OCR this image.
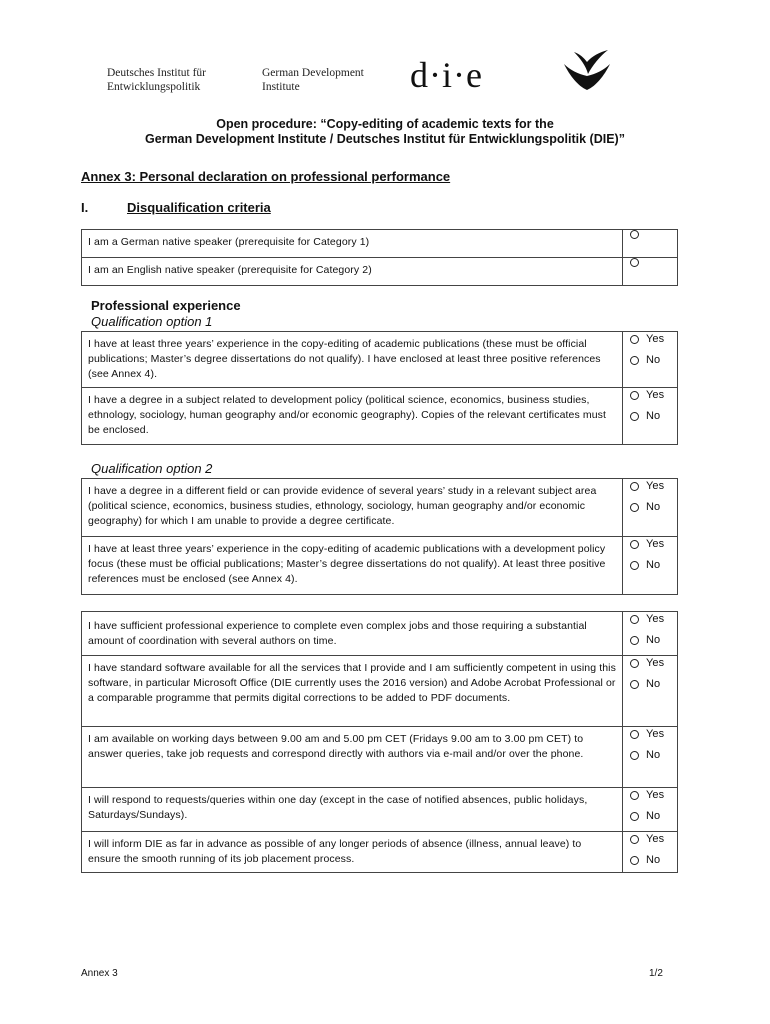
Deutsches Institut für
Entwicklungspolitik
German Development
Institute	d·i·e
Open procedure: “Copy-editing of academic texts for the
German Development Institute / Deutsches Institut für Entwicklungspolitik (DIE)”
Annex 3: Personal declaration on professional performance
I.	Disqualification criteria
I am a German native speaker (prerequisite for Category 1)	

I am an English native speaker (prerequisite for Category 2)	
Professional experience
Qualification option 1
I have at least three years’ experience in the copy-editing of academic publications (these must be official publications; Master’s degree dissertations do not qualify). I have enclosed at least three positive references (see Annex 4).	Yes
No

I have a degree in a subject related to development policy (political science, economics, business studies, ethnology, sociology, human geography and/or economic geography). Copies of the relevant certificates must be enclosed.	Yes
No
Qualification option 2
I have a degree in a different field or can provide evidence of several years’ study in a relevant subject area (political science, economics, business studies, ethnology, sociology, human geography and/or economic geography) for which I am unable to provide a degree certificate.	Yes
No

I have at least three years’ experience in the copy-editing of academic publications with a development policy focus (these must be official publications; Master’s degree dissertations do not qualify). At least three positive references must be enclosed (see Annex 4).	Yes
No
I have sufficient professional experience to complete even complex jobs and those requiring a substantial amount of coordination with several authors on time.	Yes
No

I have standard software available for all the services that I provide and I am sufficiently competent in using this software, in particular Microsoft Office (DIE currently uses the 2016 version) and Adobe Acrobat Professional or a comparable programme that permits digital corrections to be added to PDF documents.	Yes
No

I am available on working days between 9.00 am and 5.00 pm CET (Fridays 9.00 am to 3.00 pm CET) to answer queries, take job requests and correspond directly with authors via e-mail and/or over the phone.	Yes
No

I will respond to requests/queries within one day (except in the case of notified absences, public holidays, Saturdays/Sundays).	Yes
No

I will inform DIE as far in advance as possible of any longer periods of absence (illness, annual leave) to ensure the smooth running of its job placement process.	Yes
No
Annex 3	1/2
